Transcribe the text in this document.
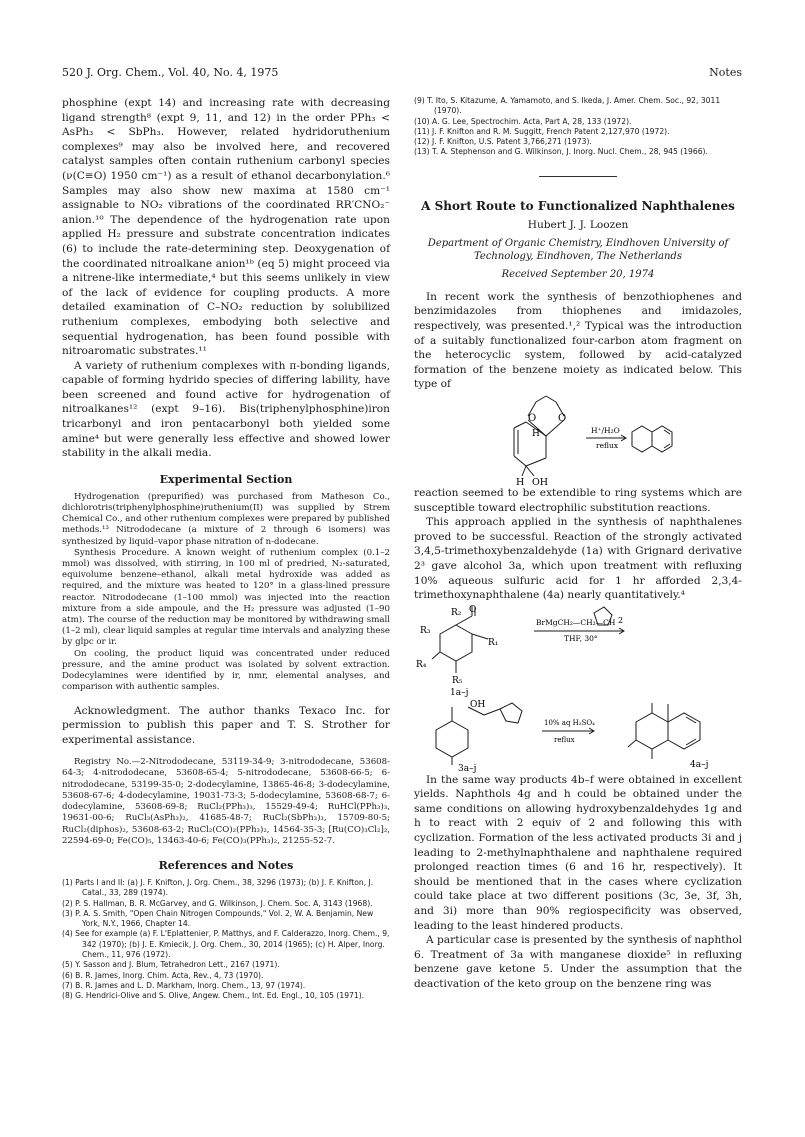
520 J. Org. Chem., Vol. 40, No. 4, 1975	Notes

phosphine (expt 14) and increasing rate with decreasing ligand strength⁸ (expt 9, 11, and 12) in the order PPh₃ < AsPh₃ < SbPh₃. However, related hydridoruthenium complexes⁹ may also be involved here, and recovered catalyst samples often contain ruthenium carbonyl species (ν(C≡O) 1950 cm⁻¹) as a result of ethanol decarbonylation.⁶ Samples may also show new maxima at 1580 cm⁻¹ assignable to NO₂ vibrations of the coordinated RR′CNO₂⁻ anion.¹⁰ The dependence of the hydrogenation rate upon applied H₂ pressure and substrate concentration indicates (6) to include the rate-determining step. Deoxygenation of the coordinated nitroalkane anion¹ᵇ (eq 5) might proceed via a nitrene-like intermediate,⁴ but this seems unlikely in view of the lack of evidence for coupling products. A more detailed examination of C–NO₂ reduction by solubilized ruthenium complexes, embodying both selective and sequential hydrogenation, has been found possible with nitroaromatic substrates.¹¹

A variety of ruthenium complexes with π-bonding ligands, capable of forming hydrido species of differing lability, have been screened and found active for hydrogenation of nitroalkanes¹² (expt 9–16). Bis(triphenylphosphine)iron tricarbonyl and iron pentacarbonyl both yielded some amine⁴ but were generally less effective and showed lower stability in the alkali media.

Experimental Section

Hydrogenation (prepurified) was purchased from Matheson Co., dichlorotris(triphenylphosphine)ruthenium(II) was supplied by Strem Chemical Co., and other ruthenium complexes were prepared by published methods.¹³ Nitrododecane (a mixture of 2 through 6 isomers) was synthesized by liquid–vapor phase nitration of n-dodecane.

Synthesis Procedure. A known weight of ruthenium complex (0.1–2 mmol) was dissolved, with stirring, in 100 ml of predried, N₂-saturated, equivolume benzene–ethanol, alkali metal hydroxide was added as required, and the mixture was heated to 120° in a glass-lined pressure reactor. Nitrododecane (1–100 mmol) was injected into the reaction mixture from a side ampoule, and the H₂ pressure was adjusted (1–90 atm). The course of the reduction may be monitored by withdrawing small (1–2 ml), clear liquid samples at regular time intervals and analyzing these by glpc or ir.

On cooling, the product liquid was concentrated under reduced pressure, and the amine product was isolated by solvent extraction. Dodecylamines were identified by ir, nmr, elemental analyses, and comparison with authentic samples.

Acknowledgment. The author thanks Texaco Inc. for permission to publish this paper and T. S. Strother for experimental assistance.

Registry No.—2-Nitrododecane, 53119-34-9; 3-nitrododecane, 53608-64-3; 4-nitrododecane, 53608-65-4; 5-nitrododecane, 53608-66-5; 6-nitrododecane, 53199-35-0; 2-dodecylamine, 13865-46-8; 3-dodecylamine, 53608-67-6; 4-dodecylamine, 19031-73-3; 5-dodecylamine, 53608-68-7; 6-dodecylamine, 53608-69-8; RuCl₂(PPh₃)₃, 15529-49-4; RuHCl(PPh₃)₃, 19631-00-6; RuCl₃(AsPh₃)₂, 41685-48-7; RuCl₂(SbPh₃)₃, 15709-80-5; RuCl₂(diphos)₂, 53608-63-2; RuCl₂(CO)₂(PPh₃)₂, 14564-35-3; [Ru(CO)₃Cl₂]₂, 22594-69-0; Fe(CO)₅, 13463-40-6; Fe(CO)₃(PPh₃)₂, 21255-52-7.

References and Notes
(1) Parts I and II: (a) J. F. Knifton, J. Org. Chem., 38, 3296 (1973); (b) J. F. Knifton, J. Catal., 33, 289 (1974).
(2) P. S. Hallman, B. R. McGarvey, and G. Wilkinson, J. Chem. Soc. A, 3143 (1968).
(3) P. A. S. Smith, "Open Chain Nitrogen Compounds," Vol. 2, W. A. Benjamin, New York, N.Y., 1966, Chapter 14.
(4) See for example (a) F. L'Eplattenier, P. Matthys, and F. Calderazzo, Inorg. Chem., 9, 342 (1970); (b) J. E. Kmiecik, J. Org. Chem., 30, 2014 (1965); (c) H. Alper, Inorg. Chem., 11, 976 (1972).
(5) Y. Sasson and J. Blum, Tetrahedron Lett., 2167 (1971).
(6) B. R. James, Inorg. Chim. Acta, Rev., 4, 73 (1970).
(7) B. R. James and L. D. Markham, Inorg. Chem., 13, 97 (1974).
(8) G. Hendrici-Olive and S. Olive, Angew. Chem., Int. Ed. Engl., 10, 105 (1971).
(9) T. Ito, S. Kitazume, A. Yamamoto, and S. Ikeda, J. Amer. Chem. Soc., 92, 3011 (1970).
(10) A. G. Lee, Spectrochim. Acta, Part A, 28, 133 (1972).
(11) J. F. Knifton and R. M. Suggitt, French Patent 2,127,970 (1972).
(12) J. F. Knifton, U.S. Patent 3,766,271 (1973).
(13) T. A. Stephenson and G. Wilkinson, J. Inorg. Nucl. Chem., 28, 945 (1966).
A Short Route to Functionalized Naphthalenes
Hubert J. J. Loozen
Department of Organic Chemistry, Eindhoven University of Technology, Eindhoven, The Netherlands
Received September 20, 1974

In recent work the synthesis of benzothiophenes and benzimidazoles from thiophenes and imidazoles, respectively, was presented.¹,² Typical was the introduction of a suitably functionalized four-carbon atom fragment on the heterocyclic system, followed by acid-catalyzed formation of the benzene moiety as indicated below. This type of

O O
H
H OH
H⁺/H₂O
reflux

reaction seemed to be extendible to ring systems which are susceptible toward electrophilic substitution reactions.

This approach applied in the synthesis of naphthalenes proved to be successful. Reaction of the strongly activated 3,4,5-trimethoxybenzaldehyde (1a) with Grignard derivative 2³ gave alcohol 3a, which upon treatment with refluxing 10% aqueous sulfuric acid for 1 hr afforded 2,3,4-trimethoxynaphthalene (4a) nearly quantitatively.⁴

R₂ O
R₃
R₁
R₄
R₅
BrMgCH₂—CH₂—CH 2
THF, 30°
1a–j
OH
10% aq H₂SO₄
reflux
3a–j	4a–j

In the same way products 4b–f were obtained in excellent yields. Naphthols 4g and h could be obtained under the same conditions on allowing hydroxybenzaldehydes 1g and h to react with 2 equiv of 2 and following this with cyclization. Formation of the less activated products 3i and j leading to 2-methylnaphthalene and naphthalene required prolonged reaction times (6 and 16 hr, respectively). It should be mentioned that in the cases where cyclization could take place at two different positions (3c, 3e, 3f, 3h, and 3i) more than 90% regiospecificity was observed, leading to the least hindered products.

A particular case is presented by the synthesis of naphthol 6. Treatment of 3a with manganese dioxide⁵ in refluxing benzene gave ketone 5. Under the assumption that the deactivation of the keto group on the benzene ring was
